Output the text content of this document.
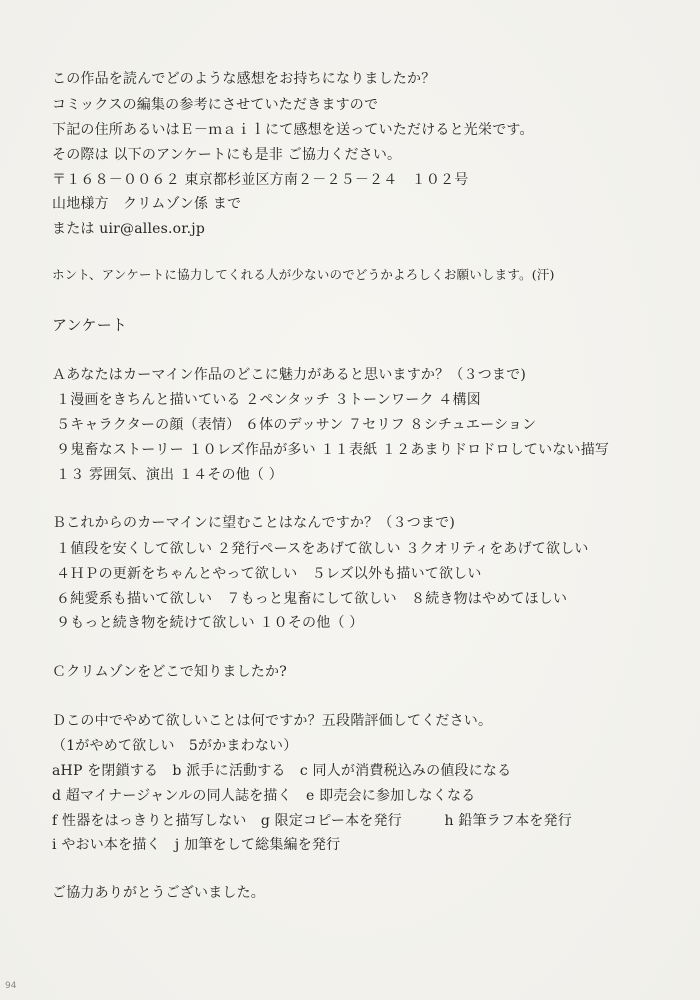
この作品を読んでどのような感想をお持ちになりましたか？
コミックスの編集の参考にさせていただきますので
下記の住所あるいはＥ－ｍａｉｌにて感想を送っていただけると光栄です。
その際は 以下のアンケートにも是非 ご協力ください。
〒１６８－００６２ 東京都杉並区方南２－２５－２４　１０２号
山地様方　クリムゾン係 まで
または uir@alles.or.jp
ホント、アンケートに協力してくれる人が少ないのでどうかよろしくお願いします。(汗)
アンケート
Ａあなたはカーマイン作品のどこに魅力があると思いますか？（３つまで)
１漫画をきちんと描いている ２ペンタッチ ３トーンワーク ４構図
５キャラクターの顔（表情） ６体のデッサン ７セリフ ８シチュエーション
９鬼畜なストーリー １０レズ作品が多い １１表紙 １２あまりドロドロしていない描写
１３ 雰囲気、演出 １４その他（ ）
Ｂこれからのカーマインに望むことはなんですか？（３つまで)
１値段を安くして欲しい ２発行ペースをあげて欲しい ３クオリティをあげて欲しい
４ＨＰの更新をちゃんとやって欲しい　５レズ以外も描いて欲しい
６純愛系も描いて欲しい　７もっと鬼畜にして欲しい　８続き物はやめてほしい
９もっと続き物を続けて欲しい １０その他（ ）
Ｃクリムゾンをどこで知りましたか?
Ｄこの中でやめて欲しいことは何ですか？五段階評価してください。
（1がやめて欲しい　5がかまわない）
aHP を閉鎖する　b 派手に活動する　c 同人が消費税込みの値段になる
d 超マイナージャンルの同人誌を描く　e 即売会に参加しなくなる
f 性器をはっきりと描写しない　g 限定コピー本を発行　　　h 鉛筆ラフ本を発行
i やおい本を描く　j 加筆をして総集編を発行
ご協力ありがとうございました。
94
